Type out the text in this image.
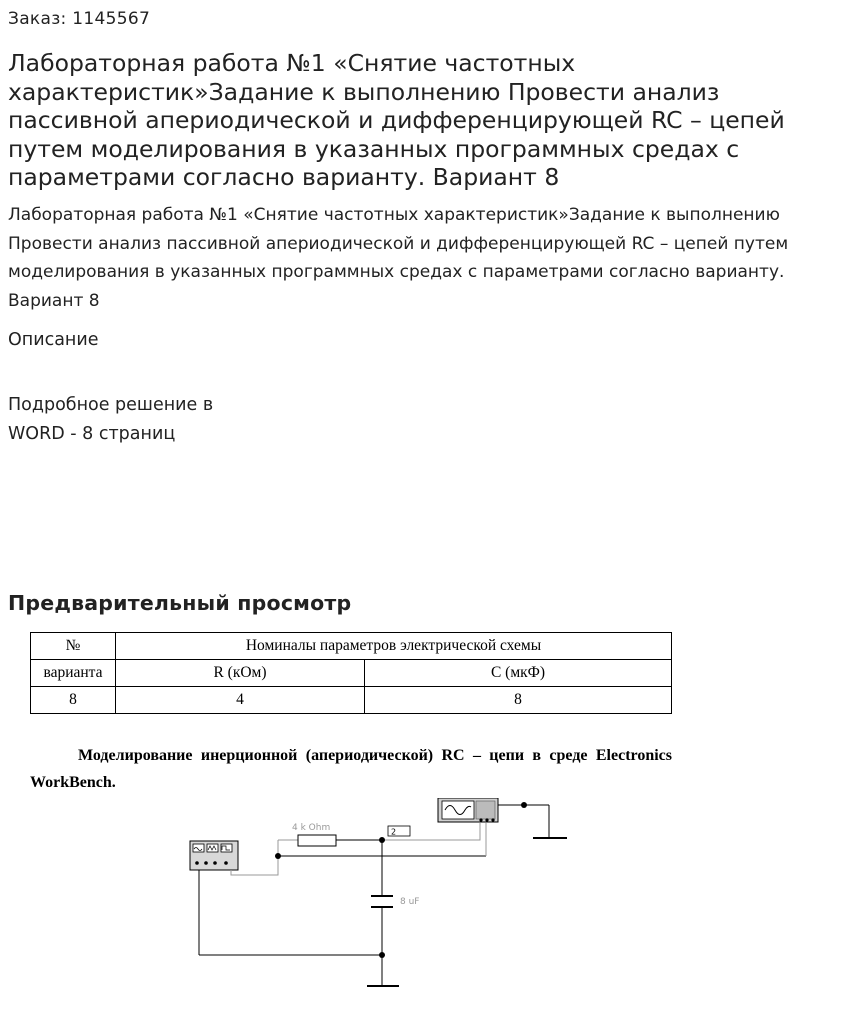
Заказ: 1145567
Лабораторная работа №1 «Снятие частотных характеристик»Задание к выполнению Провести анализ пассивной апериодической и дифференцирующей RC – цепей путем моделирования в указанных программных средах с параметрами согласно варианту. Вариант 8

Лабораторная работа №1 «Снятие частотных характеристик»Задание к выполнению Провести анализ пассивной апериодической и дифференцирующей RC – цепей путем моделирования в указанных программных средах с параметрами согласно варианту. Вариант 8

Описание
Подробное решение в
WORD - 8 страниц
Предварительный просмотр
№	Номиналы параметров электрической схемы	
варианта	R (кОм)	С (мкФ)
8	4	8
Моделирование инерционной (апериодической) RC – цепи в среде Electronics WorkBench.
4 k Ohm
8 uF
2
